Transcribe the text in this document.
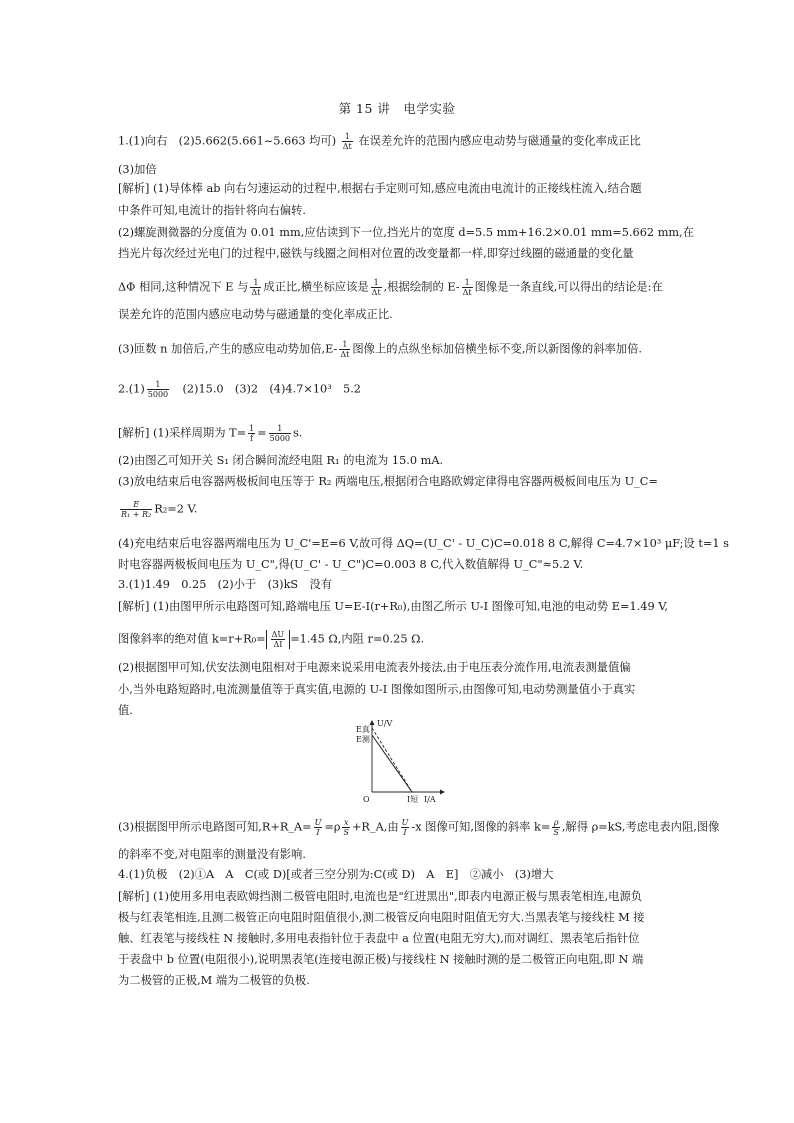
第 15 讲　电学实验
1.(1)向右　(2)5.662(5.661~5.663 均可) $\frac{1}{\Delta t}$ 在误差允许的范围内感应电动势与磁通量的变化率成正比
(3)加倍
[解析] (1)导体棒 ab 向右匀速运动的过程中,根据右手定则可知,感应电流由电流计的正接线柱流入,结合题
中条件可知,电流计的指针将向右偏转.
(2)螺旋测微器的分度值为 0.01 mm,应估读到下一位,挡光片的宽度 d=5.5 mm+16.2×0.01 mm=5.662 mm,在
挡光片每次经过光电门的过程中,磁铁与线圈之间相对位置的改变量都一样,即穿过线圈的磁通量的变化量
ΔΦ 相同,这种情况下 E 与 $\frac{1}{\Delta t}$ 成正比,横坐标应该是 $\frac{1}{\Delta t}$ ,根据绘制的 $E- \frac{1}{\Delta t}$ 图像是一条直线,可以得出的结论是:在
误差允许的范围内感应电动势与磁通量的变化率成正比.
(3)匝数 n 加倍后,产生的感应电动势加倍$,E- \frac{1}{\Delta t}$ 图像上的点纵坐标加倍横坐标不变,所以新图像的斜率加倍.
$2.(1) \frac{1}{5000}$
　 (2)15.0　(3)2　(4)4.7×10³　5.2
[解析] (1)采样周期为 $T= \frac{1}{f} = \frac{1}{5000} s$.
(2)由图乙可知开关 S₁ 闭合瞬间流经电阻 R₁ 的电流为 15.0 mA.
(3)放电结束后电容器两极板间电压等于 R₂ 两端电压,根据闭合电路欧姆定律得电容器两极板间电压为 U_C=
$\frac{E}{\text{R₁ + R₂}} R_2=2$ V.
(4)充电结束后电容器两端电压为 U_C'=E=6 V,故可得 ΔQ=(U_C' - U_C)C=0.018 8 C,解得 C=4.7×10³ μF;设 t=1 s
时电容器两极板间电压为 U_C",得(U_C' - U_C")C=0.003 8 C,代入数值解得 U_C"≈5.2 V.
3.(1)1.49　0.25　(2)小于　(3)kS　没有
[解析] (1)由图甲所示电路图可知,路端电压 U=E-I(r+R₀),由图乙所示 U-I 图像可知,电池的电动势 E=1.49 V,
图像斜率的绝对值 $k=r+R_0= \frac{\Delta U}{\Delta I} =1.45$ Ω,内阻 r=0.25 Ω.
(2)根据图甲可知,伏安法测电阻相对于电源来说采用电流表外接法,由于电压表分流作用,电流表测量值偏
小,当外电路短路时,电流测量值等于真实值,电源的 U-I 图像如图所示,由图像可知,电动势测量值小于真实
值.
U/V
E真
E测
O	I短 I/A
(3)根据图甲所示电路图可知,R+R_A= $\frac{U}{I} =\rho \frac{x}{S}$ +R_A,由 $\frac{U}{I} -x$ 图像可知,图像的斜率 $k= \frac{\rho}{S}$ ,解得 ρ=kS,考虑电表内阻,图像
的斜率不变,对电阻率的测量没有影响.
4.(1)负极　(2)①A　A　C(或 D)[或者三空分别为:C(或 D)　A　E]　②减小　(3)增大
[解析] (1)使用多用电表欧姆挡测二极管电阻时,电流也是"红进黑出",即表内电源正极与黑表笔相连,电源负
极与红表笔相连,且测二极管正向电阻时阻值很小,测二极管反向电阻时阻值无穷大.当黑表笔与接线柱 M 接
触、红表笔与接线柱 N 接触时,多用电表指针位于表盘中 a 位置(电阻无穷大),而对调红、黑表笔后指针位
于表盘中 b 位置(电阻很小),说明黑表笔(连接电源正极)与接线柱 N 接触时测的是二极管正向电阻,即 N 端
为二极管的正极,M 端为二极管的负极.
